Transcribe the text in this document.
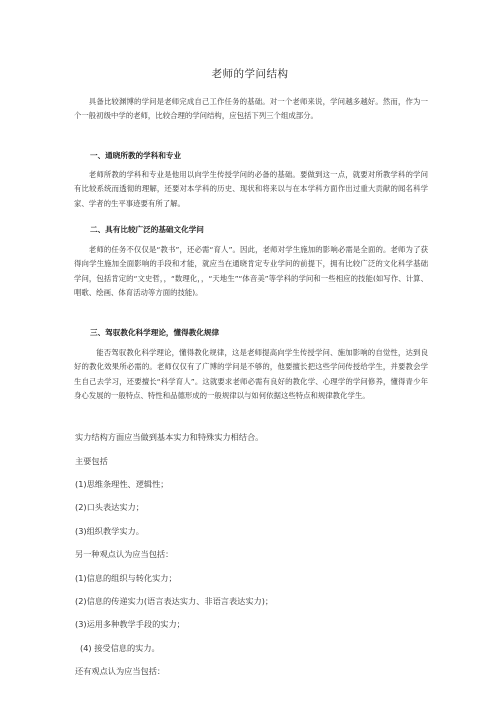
老师的学问结构

具备比较渊博的学问是老师完成自己工作任务的基础。对一个老师来说，学问越多越好。然而，作为一个一般初级中学的老师，比较合理的学问结构，应包括下列三个组成部分。

一、通晓所教的学科和专业

老师所教的学科和专业是他用以向学生传授学问的必备的基础。要做到这一点，就要对所教学科的学问有比较系统而透彻的理解，还要对本学科的历史、现状和将来以与在本学科方面作出过重大贡献的闻名科学家、学者的生平事迹要有所了解。

二、具有比较广泛的基础文化学问

老师的任务不仅仅是“教书”，还必需“育人”。因此，老师对学生施加的影响必需是全面的。老师为了获得向学生施加全面影响的手段和才能，就应当在通晓肯定专业学问的前提下，拥有比较广泛的文化科学基础学问，包括肯定的“文史哲，，“数理化，，“天地生”“体音美”等学科的学问和一些相应的技能(如写作、计算、唱歌、绘画、体育活动等方面的技能)。

三、驾驭教化科学理论，懂得教化规律

能否驾驭教化科学理论，懂得教化规律，这是老师提高向学生传授学问、施加影响的自觉性，达到良好的教化效果所必需的。老师仅仅有了广博的学问是不够的，他要擅长把这些学问传授给学生，并要教会学生自己去学习，还要擅长“科学育人”。这就要求老师必需有良好的教化学、心理学的学问修养，懂得青少年身心发展的一般特点、特性和品德形成的一般规律以与如何依据这些特点和规律教化学生。

实力结构方面应当做到基本实力和特殊实力相结合。

主要包括

(1)思维条理性、逻辑性；

(2)口头表达实力；

(3)组织教学实力。

另一种观点认为应当包括：

(1)信息的组织与转化实力；

(2)信息的传递实力(语言表达实力、非语言表达实力)；

(3)运用多种教学手段的实力；

(4) 接受信息的实力。

还有观点认为应当包括：
